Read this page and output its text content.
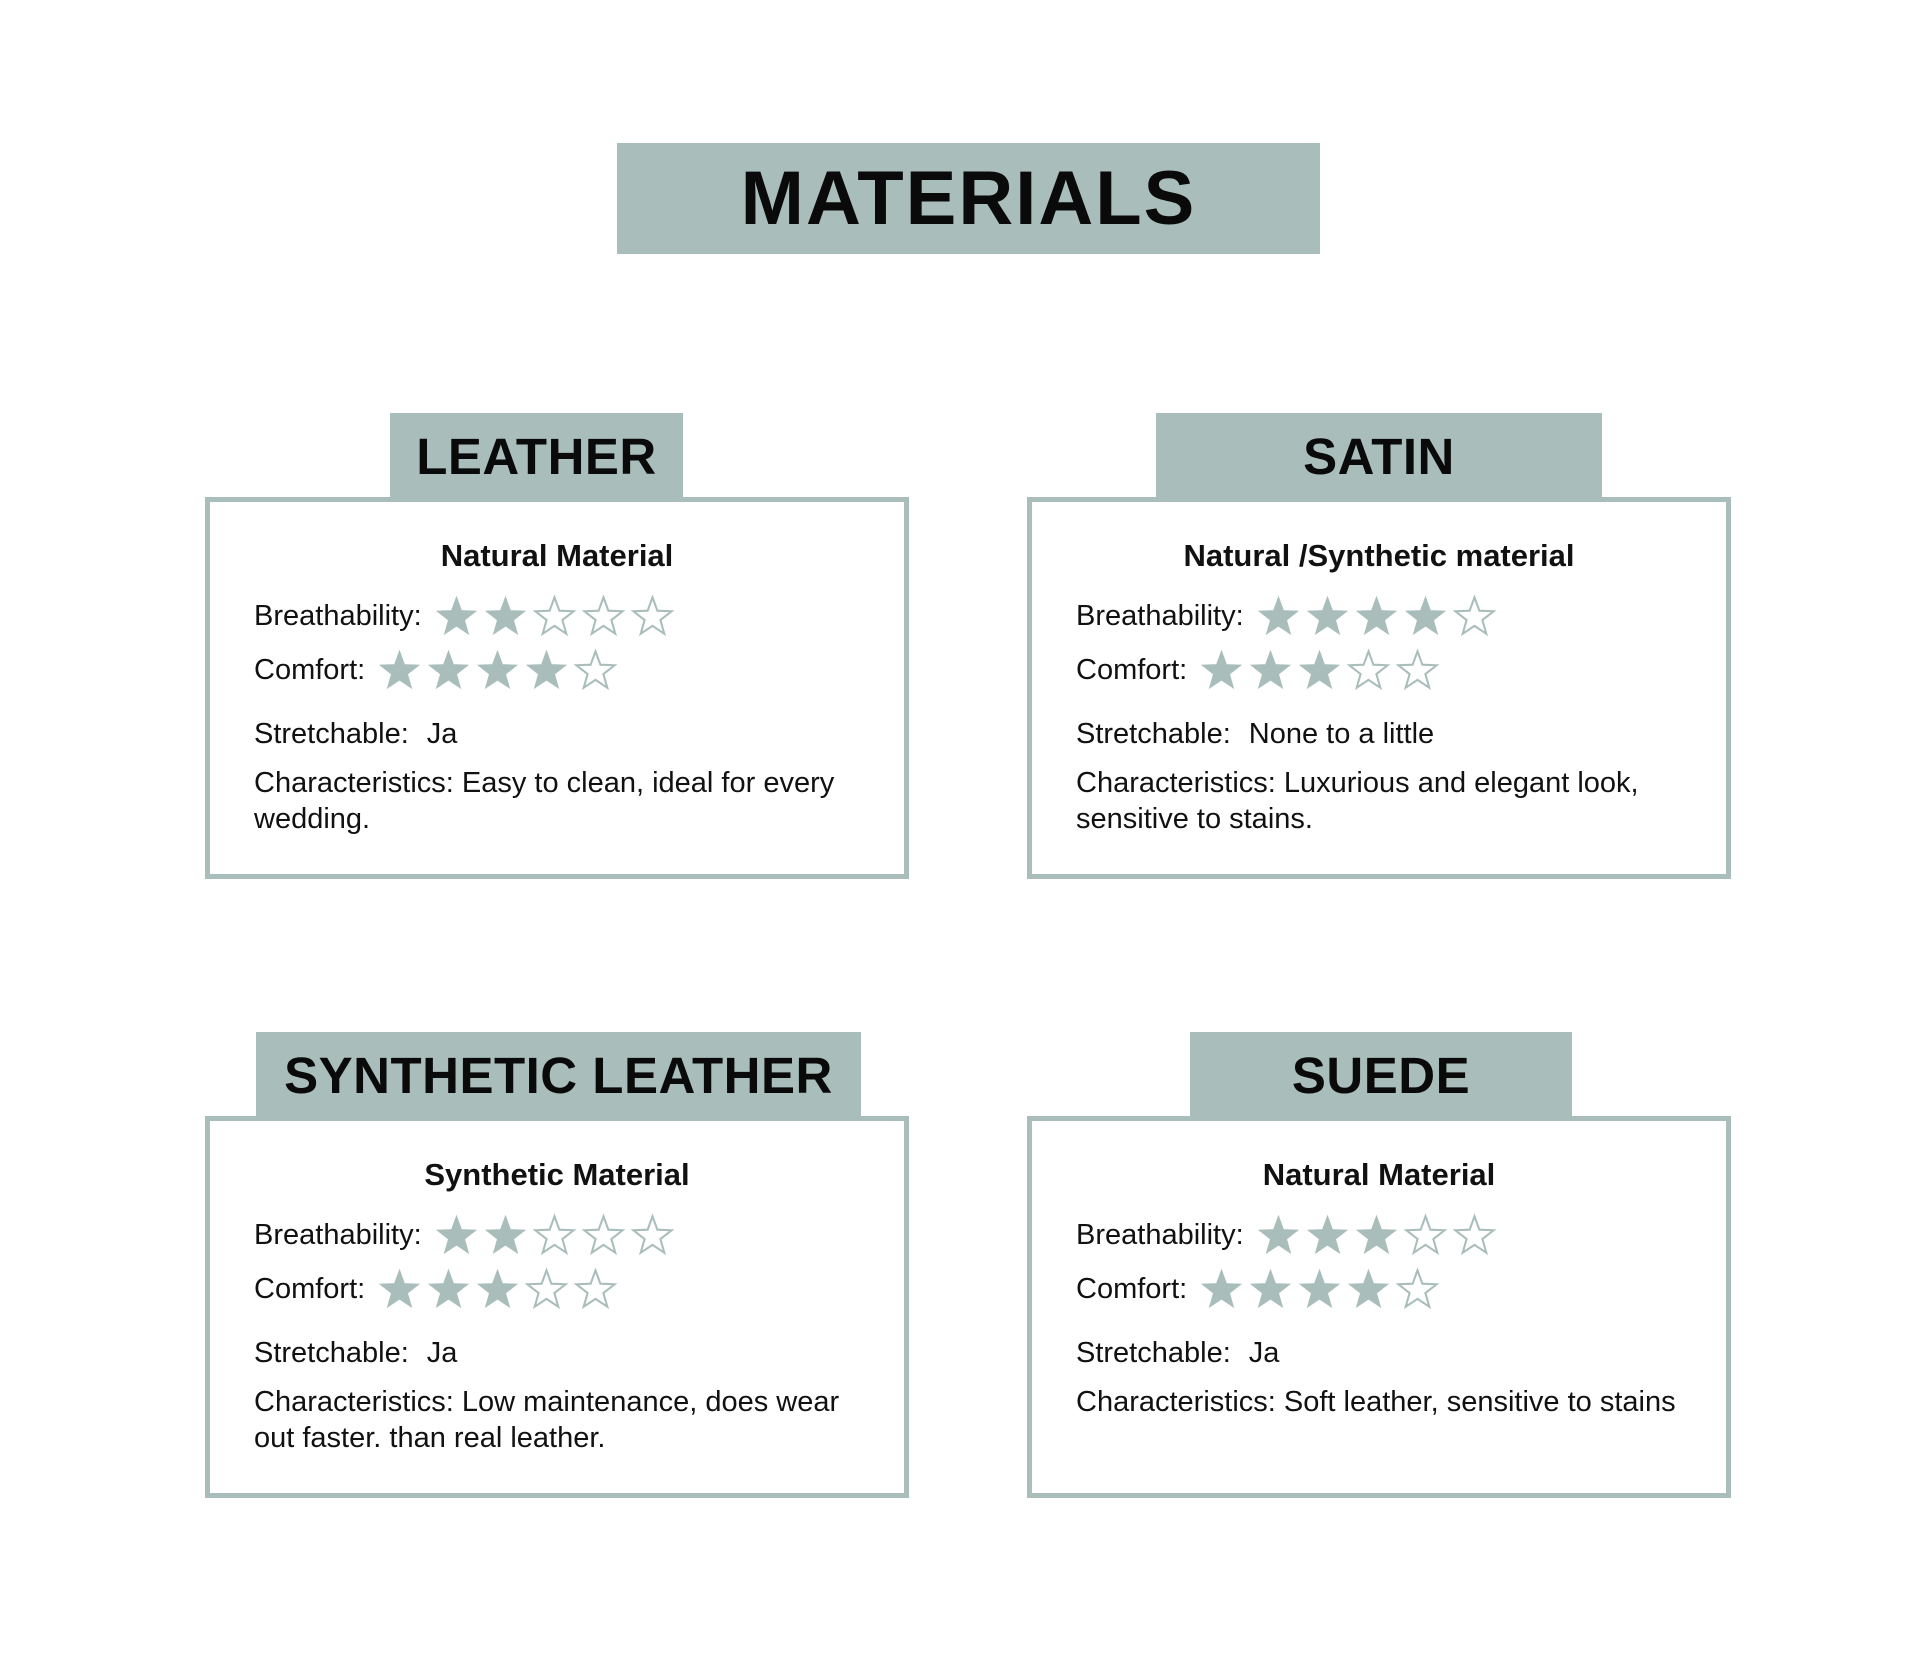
MATERIALS
LEATHER
Natural Material
Breathability:
Comfort:
Stretchable: Ja
Characteristics: Easy to clean, ideal for every wedding.
SATIN
Natural /Synthetic material
Breathability:
Comfort:
Stretchable: None to a little
Characteristics: Luxurious and elegant look, sensitive to stains.
SYNTHETIC LEATHER
Synthetic Material
Breathability:
Comfort:
Stretchable: Ja
Characteristics: Low maintenance, does wear out faster. than real leather.
SUEDE
Natural Material
Breathability:
Comfort:
Stretchable: Ja
Characteristics: Soft leather, sensitive to stains
